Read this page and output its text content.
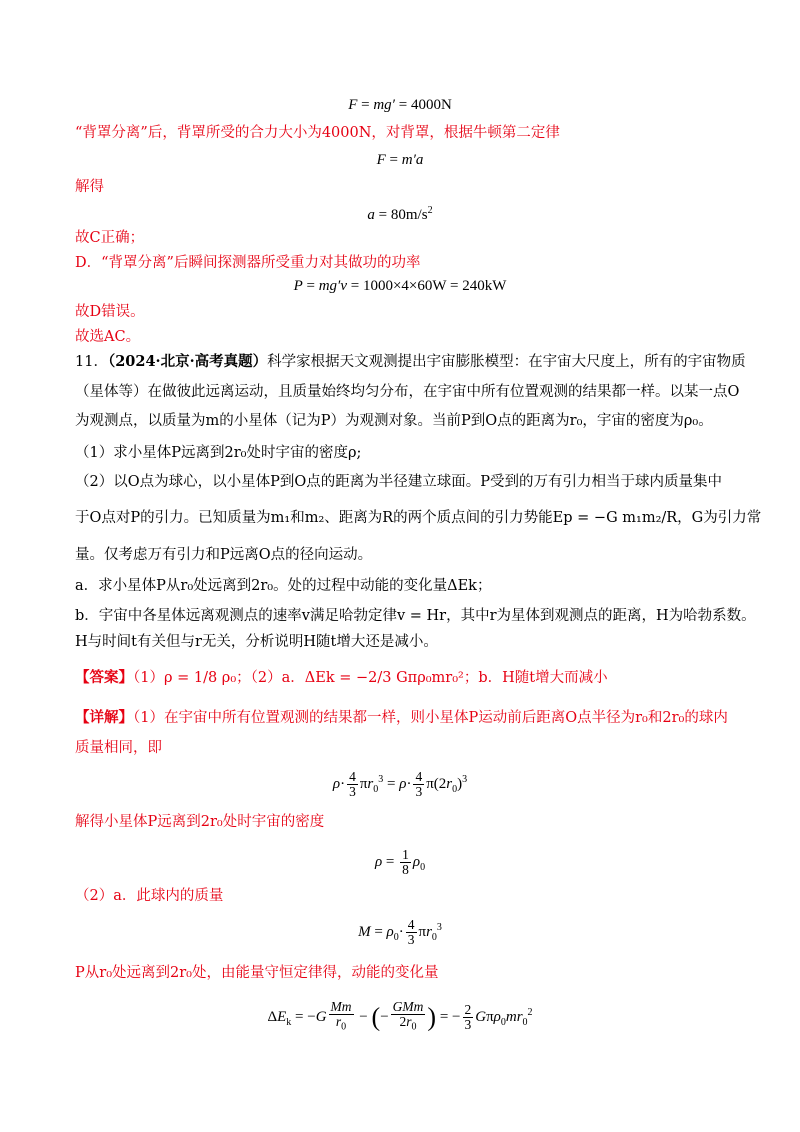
F = mg′ = 4000N
“背罩分离”后，背罩所受的合力大小为4000N，对背罩，根据牛顿第二定律
F = m′a
解得
$a = 80m/s^2$
故C正确；
D．“背罩分离”后瞬间探测器所受重力对其做功的功率
P = mg′v = 1000×4×60W = 240kW
故D错误。
故选AC。
11．（2024·北京·高考真题）科学家根据天文观测提出宇宙膨胀模型：在宇宙大尺度上，所有的宇宙物质
（星体等）在做彼此远离运动，且质量始终均匀分布，在宇宙中所有位置观测的结果都一样。以某一点O
为观测点，以质量为m的小星体（记为P）为观测对象。当前P到O点的距离为r₀，宇宙的密度为ρ₀。
（1）求小星体P远离到2r₀处时宇宙的密度ρ;
（2）以O点为球心，以小星体P到O点的距离为半径建立球面。P受到的万有引力相当于球内质量集中
于O点对P的引力。已知质量为m₁和m₂、距离为R的两个质点间的引力势能Ep = −G m₁m₂/R，G为引力常
量。仅考虑万有引力和P远离O点的径向运动。
a．求小星体P从r₀处远离到2r₀。处的过程中动能的变化量ΔEk；
b．宇宙中各星体远离观测点的速率v满足哈勃定律v = Hr，其中r为星体到观测点的距离，H为哈勃系数。
H与时间t有关但与r无关，分析说明H随t增大还是减小。
【答案】（1）ρ = 1/8 ρ₀；（2）a．ΔEk = −2/3 Gπρ₀mr₀²；b．H随t增大而减小
【详解】（1）在宇宙中所有位置观测的结果都一样，则小星体P运动前后距离O点半径为r₀和2r₀的球内
质量相同，即
$\rho\cdot \frac{4}{3} \pi r_0^3 = \rho\cdot \frac{4}{3} \pi(2r_0)^3$
解得小星体P远离到2r₀处时宇宙的密度
$\rho = \frac{1}{8} \rho_0$
（2）a．此球内的质量
$M = \rho_0\cdot \frac{4}{3} \pi r_0^3$
P从r₀处远离到2r₀处，由能量守恒定律得，动能的变化量
$\Delta E_k = -G \frac{Mm}{r_0}$ − (− $\frac{\text{GMm}}{2r_0}$ ) = − $\frac{2}{3} G\pi\rho_0mr_0^2$
